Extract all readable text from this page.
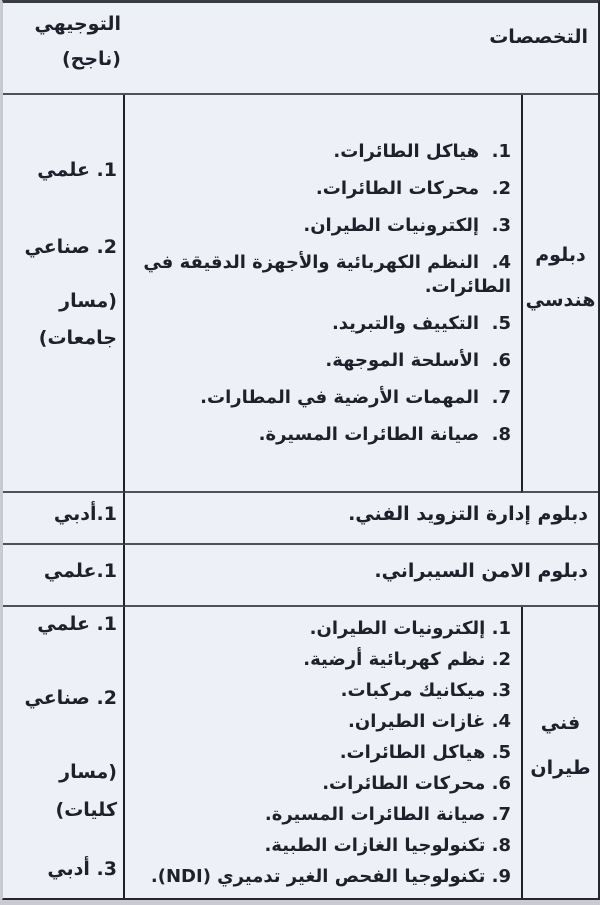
التخصصات
التوجيهي
(ناجح)
دبلوم هندسي
1.  هياكل الطائرات.
2.  محركات الطائرات.
3.  إلكترونيات الطيران.
4.  النظم الكهربائية والأجهزة الدقيقة في الطائرات.
5.  التكييف والتبريد.
6.  الأسلحة الموجهة.
7.  المهمات الأرضية في المطارات.
8.  صيانة الطائرات المسيرة.
1. علمي
2. صناعي
(مسار جامعات)
دبلوم إدارة التزويد الفني.
1.أدبي
دبلوم الامن السيبراني.
1.علمي
فني طيران
1. إلكترونيات الطيران.
2. نظم كهربائية أرضية.
3. ميكانيك مركبات.
4. غازات الطيران.
5. هياكل الطائرات.
6. محركات الطائرات.
7. صيانة الطائرات المسيرة.
8. تكنولوجيا الغازات الطبية.
9. تكنولوجيا الفحص الغير تدميري (NDI).
1. علمي
2. صناعي
(مسار كليات)
3. أدبي
